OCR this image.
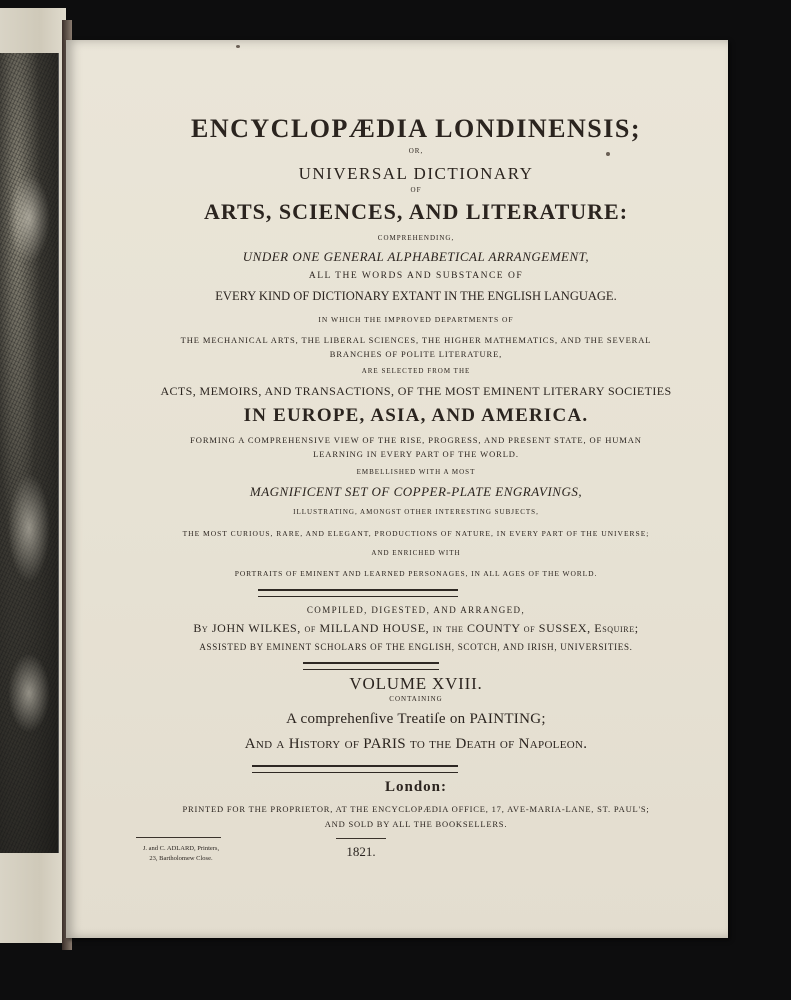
ENCYCLOPÆDIA LONDINENSIS;
OR,
UNIVERSAL DICTIONARY
OF
ARTS, SCIENCES, AND LITERATURE:
COMPREHENDING,
UNDER ONE GENERAL ALPHABETICAL ARRANGEMENT,
ALL THE WORDS AND SUBSTANCE OF
EVERY KIND OF DICTIONARY EXTANT IN THE ENGLISH LANGUAGE.
IN WHICH THE IMPROVED DEPARTMENTS OF
THE MECHANICAL ARTS, THE LIBERAL SCIENCES, THE HIGHER MATHEMATICS, AND THE SEVERAL
BRANCHES OF POLITE LITERATURE,
ARE SELECTED FROM THE
ACTS, MEMOIRS, AND TRANSACTIONS, OF THE MOST EMINENT LITERARY SOCIETIES
IN EUROPE, ASIA, AND AMERICA.
FORMING A COMPREHENSIVE VIEW OF THE RISE, PROGRESS, AND PRESENT STATE, OF HUMAN
LEARNING IN EVERY PART OF THE WORLD.
EMBELLISHED WITH A MOST
MAGNIFICENT SET OF COPPER-PLATE ENGRAVINGS,
ILLUSTRATING, AMONGST OTHER INTERESTING SUBJECTS,
THE MOST CURIOUS, RARE, AND ELEGANT, PRODUCTIONS OF NATURE, IN EVERY PART OF THE UNIVERSE;
AND ENRICHED WITH
PORTRAITS OF EMINENT AND LEARNED PERSONAGES, IN ALL AGES OF THE WORLD.
COMPILED, DIGESTED, AND ARRANGED,
By JOHN WILKES, of MILLAND HOUSE, in the COUNTY of SUSSEX, Esquire;
ASSISTED BY EMINENT SCHOLARS OF THE ENGLISH, SCOTCH, AND IRISH, UNIVERSITIES.
VOLUME XVIII.
CONTAINING
A comprehenſive Treatiſe on PAINTING;
And a Hiſtory of PARIS to the Death of Napoleon.
London:
PRINTED FOR THE PROPRIETOR, AT THE ENCYCLOPÆDIA OFFICE, 17, AVE-MARIA-LANE, ST. PAUL'S;
AND SOLD BY ALL THE BOOKSELLERS.
J. and C. ADLARD, Printers,
23, Bartholomew Close.	1821.
